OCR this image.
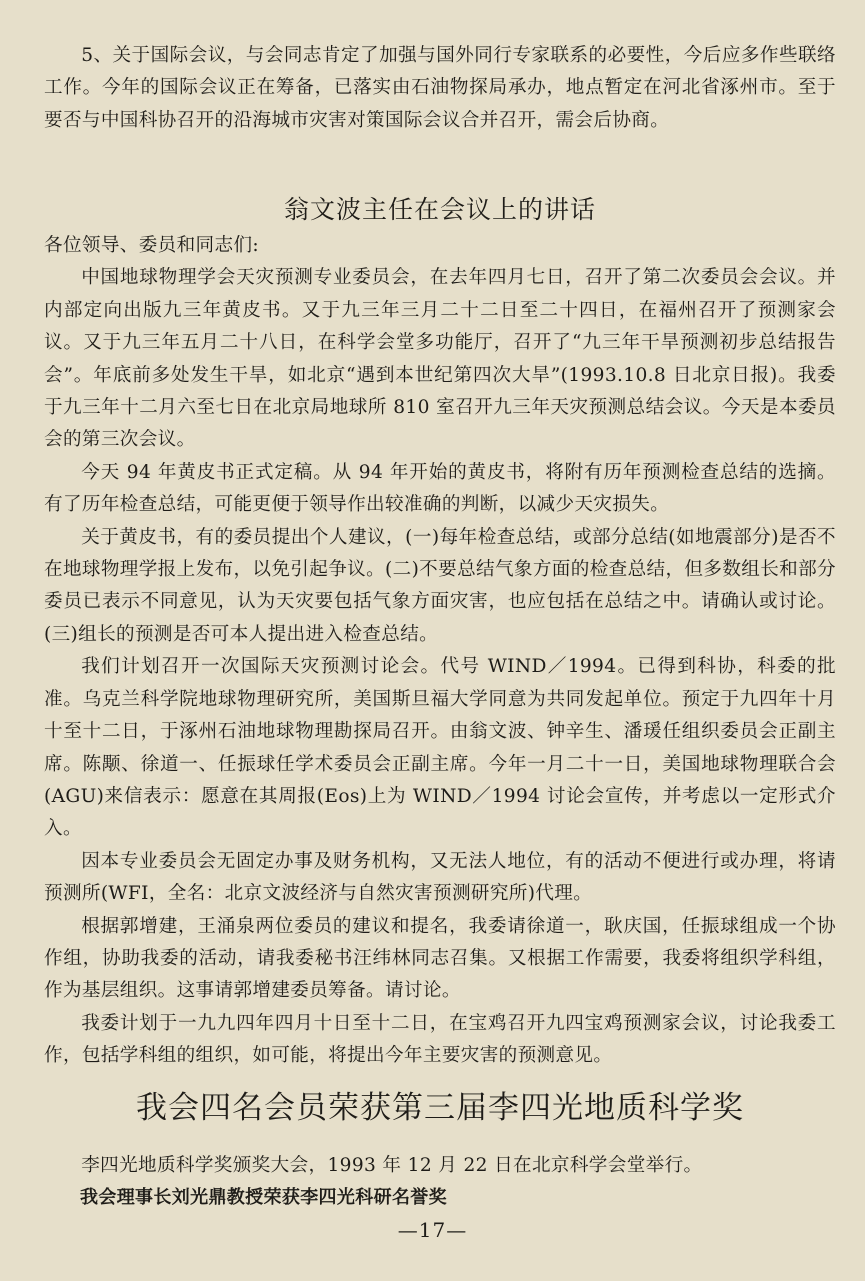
5、关于国际会议，与会同志肯定了加强与国外同行专家联系的必要性，今后应多作些联络工作。今年的国际会议正在筹备，已落实由石油物探局承办，地点暂定在河北省涿州市。至于要否与中国科协召开的沿海城市灾害对策国际会议合并召开，需会后协商。

翁文波主任在会议上的讲话

各位领导、委员和同志们:

中国地球物理学会天灾预测专业委员会，在去年四月七日，召开了第二次委员会会议。并内部定向出版九三年黄皮书。又于九三年三月二十二日至二十四日，在福州召开了预测家会议。又于九三年五月二十八日，在科学会堂多功能厅，召开了“九三年干旱预测初步总结报告会”。年底前多处发生干旱，如北京“遇到本世纪第四次大旱”(1993.10.8 日北京日报)。我委于九三年十二月六至七日在北京局地球所 810 室召开九三年天灾预测总结会议。今天是本委员会的第三次会议。

今天 94 年黄皮书正式定稿。从 94 年开始的黄皮书，将附有历年预测检查总结的选摘。有了历年检查总结，可能更便于领导作出较准确的判断，以减少天灾损失。

关于黄皮书，有的委员提出个人建议，(一)每年检查总结，或部分总结(如地震部分)是否不在地球物理学报上发布，以免引起争议。(二)不要总结气象方面的检查总结，但多数组长和部分委员已表示不同意见，认为天灾要包括气象方面灾害，也应包括在总结之中。请确认或讨论。(三)组长的预测是否可本人提出进入检查总结。

我们计划召开一次国际天灾预测讨论会。代号 WIND／1994。已得到科协，科委的批准。乌克兰科学院地球物理研究所，美国斯旦福大学同意为共同发起单位。预定于九四年十月十至十二日，于涿州石油地球物理勘探局召开。由翁文波、钟辛生、潘瑗任组织委员会正副主席。陈颙、徐道一、任振球任学术委员会正副主席。今年一月二十一日，美国地球物理联合会(AGU)来信表示：愿意在其周报(Eos)上为 WIND／1994 讨论会宣传，并考虑以一定形式介入。

因本专业委员会无固定办事及财务机构，又无法人地位，有的活动不便进行或办理，将请预测所(WFI，全名：北京文波经济与自然灾害预测研究所)代理。

根据郭增建，王涌泉两位委员的建议和提名，我委请徐道一，耿庆国，任振球组成一个协作组，协助我委的活动，请我委秘书汪纬林同志召集。又根据工作需要，我委将组织学科组，作为基层组织。这事请郭增建委员筹备。请讨论。

我委计划于一九九四年四月十日至十二日，在宝鸡召开九四宝鸡预测家会议，讨论我委工作，包括学科组的组织，如可能，将提出今年主要灾害的预测意见。

我会四名会员荣获第三届李四光地质科学奖

李四光地质科学奖颁奖大会，1993 年 12 月 22 日在北京科学会堂举行。

我会理事长刘光鼎教授荣获李四光科研名誉奖

—17—
